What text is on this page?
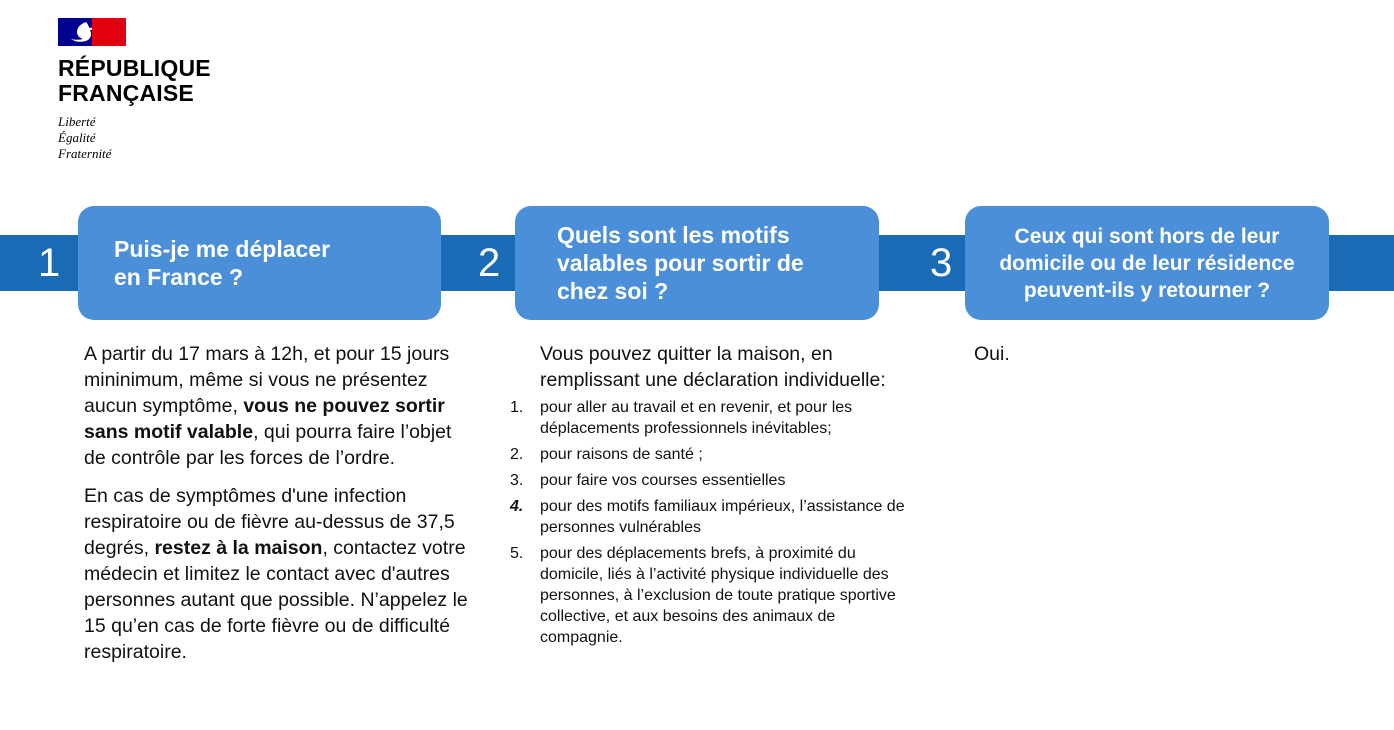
RÉPUBLIQUE
FRANÇAISE
Liberté
Égalité
Fraternité
1	2	3
Puis-je me déplacer
en France ?
Quels sont les motifs
valables pour sortir de
chez soi ?
Ceux qui sont hors de leur
domicile ou de leur résidence
peuvent-ils y retourner ?

A partir du 17 mars à 12h, et pour 15 jours mininimum, même si vous ne présentez aucun symptôme, vous ne pouvez sortir sans motif valable, qui pourra faire l’objet de contrôle par les forces de l’ordre.

En cas de symptômes d'une infection respiratoire ou de fièvre au-dessus de 37,5 degrés, restez à la maison, contactez votre médecin et limitez le contact avec d'autres personnes autant que possible. N’appelez le 15 qu’en cas de forte fièvre ou de difficulté respiratoire.

Vous pouvez quitter la maison, en remplissant une déclaration individuelle:
1.	pour aller au travail et en revenir, et pour les déplacements professionnels inévitables;
2.	pour raisons de santé ;
3.	pour faire vos courses essentielles
4.	pour des motifs familiaux impérieux, l’assistance de personnes vulnérables
5.	pour des déplacements brefs, à proximité du domicile, liés à l’activité physique individuelle des personnes, à l’exclusion de toute pratique sportive collective, et aux besoins des animaux de compagnie.
Oui.
